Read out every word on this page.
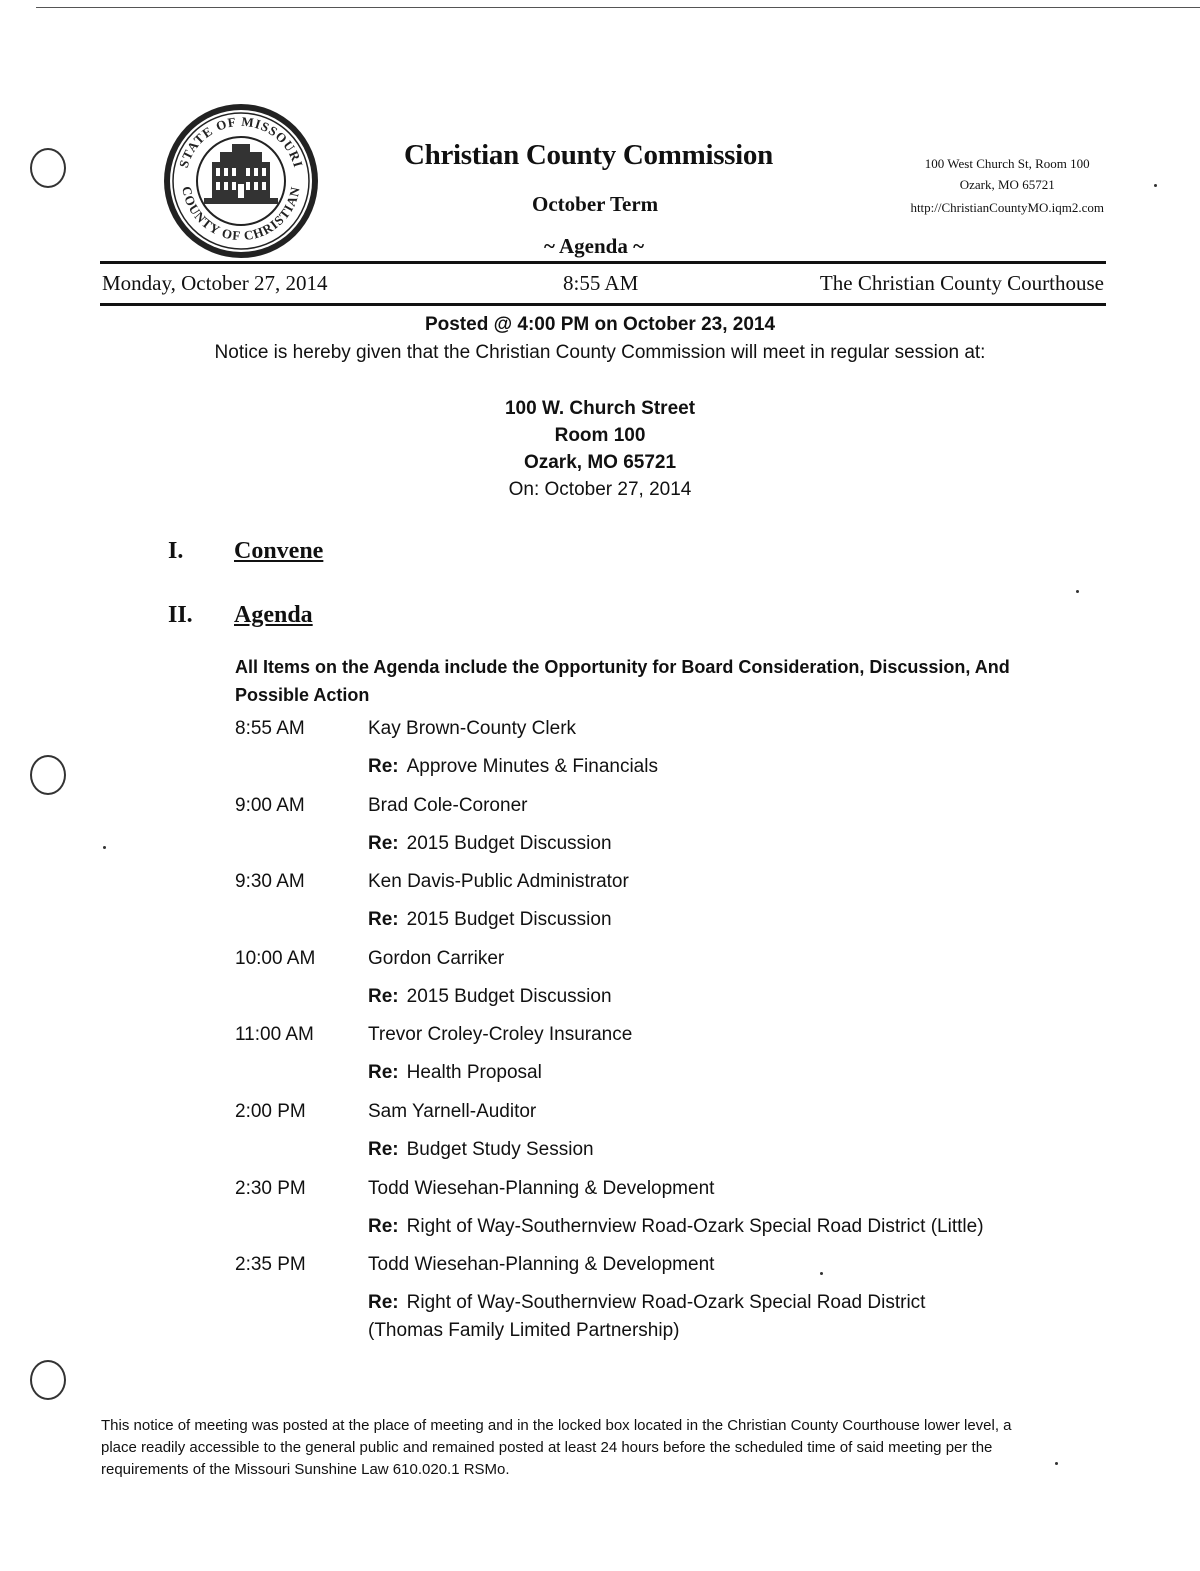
STATE OF MISSOURI
COUNTY OF CHRISTIAN
Christian County Commission
October Term
~ Agenda ~
100 West Church St, Room 100
Ozark, MO 65721
http://ChristianCountyMO.iqm2.com
Monday, October 27, 2014	8:55 AM	The Christian County Courthouse
Posted @ 4:00 PM on October 23, 2014
Notice is hereby given that the Christian County Commission will meet in regular session at:
100 W. Church Street
Room 100
Ozark, MO 65721
On: October 27, 2014
I. Convene
II. Agenda
All Items on the Agenda include the Opportunity for Board Consideration, Discussion, And Possible Action
8:55 AM	Kay Brown-County Clerk
Re: Approve Minutes & Financials
9:00 AM	Brad Cole-Coroner
Re: 2015 Budget Discussion
9:30 AM	Ken Davis-Public Administrator
Re: 2015 Budget Discussion
10:00 AM	Gordon Carriker
Re: 2015 Budget Discussion
11:00 AM	Trevor Croley-Croley Insurance
Re: Health Proposal
2:00 PM	Sam Yarnell-Auditor
Re: Budget Study Session
2:30 PM	Todd Wiesehan-Planning & Development
Re: Right of Way-Southernview Road-Ozark Special Road District (Little)
2:35 PM	Todd Wiesehan-Planning & Development
Re: Right of Way-Southernview Road-Ozark Special Road District
(Thomas Family Limited Partnership)
This notice of meeting was posted at the place of meeting and in the locked box located in the Christian County Courthouse lower level, a place readily accessible to the general public and remained posted at least 24 hours before the scheduled time of said meeting per the requirements of the Missouri Sunshine Law 610.020.1 RSMo.
